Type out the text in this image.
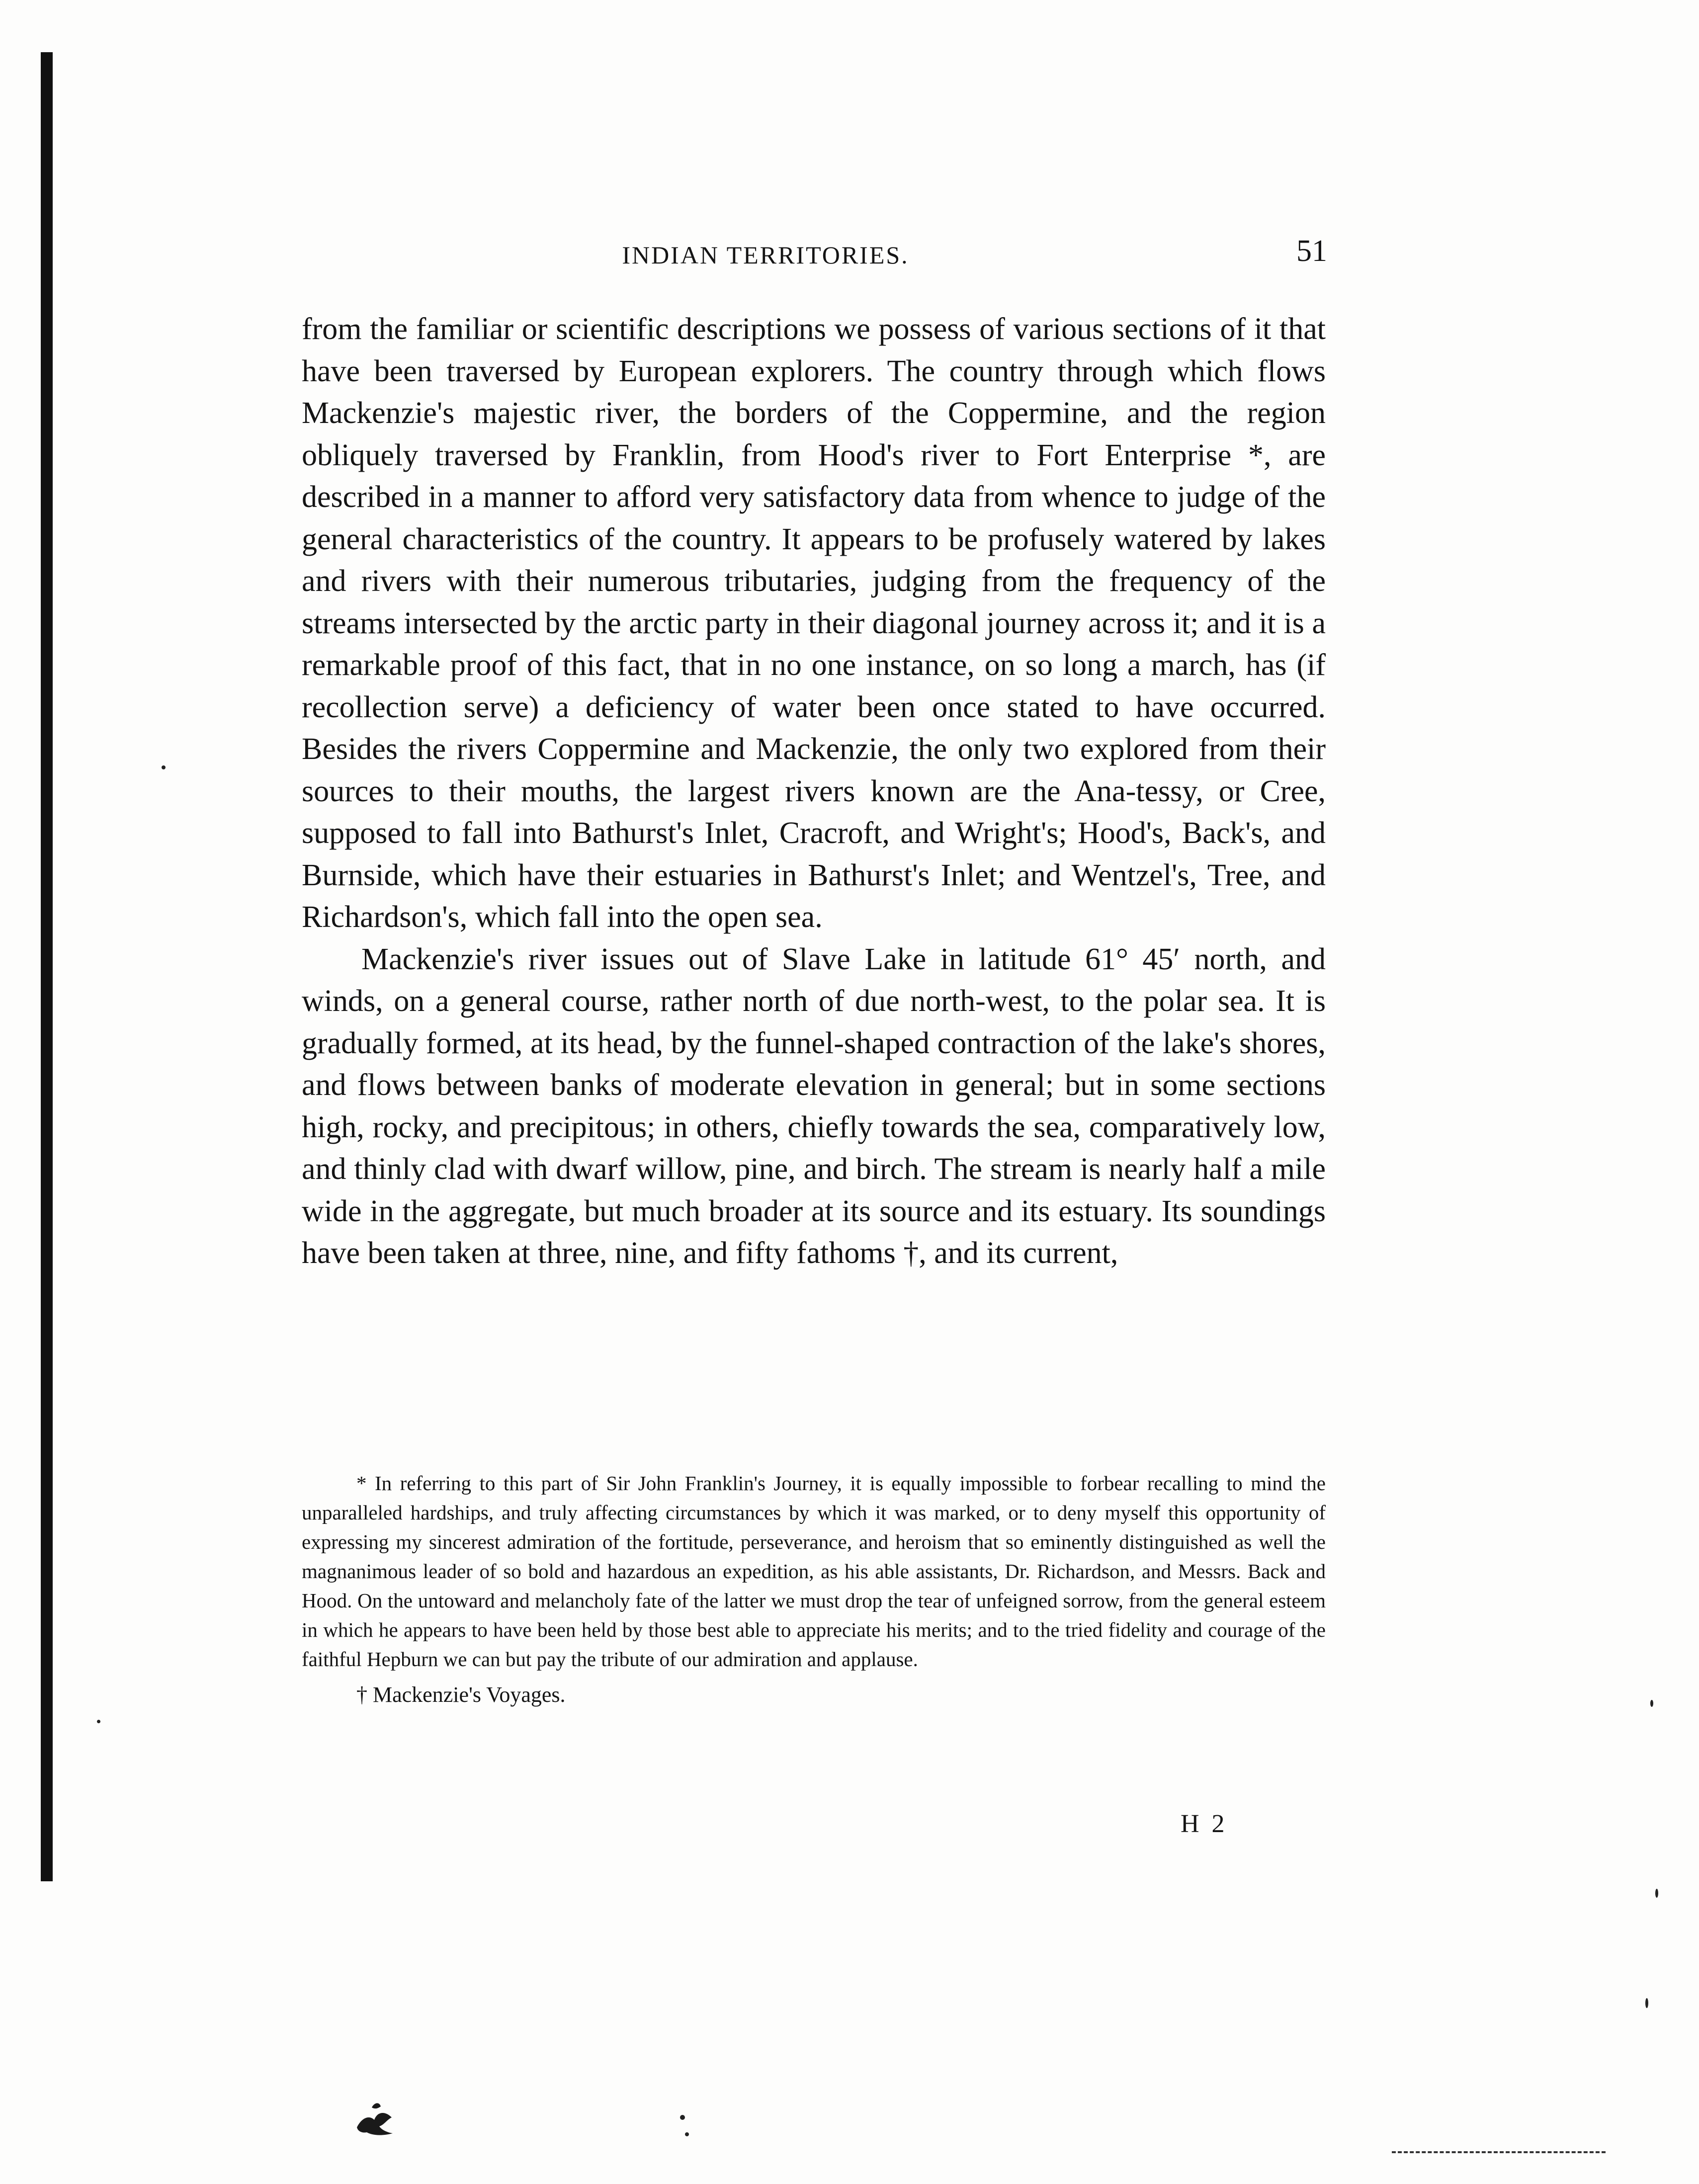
INDIAN TERRITORIES.	51

from the familiar or scientific descriptions we possess of various sections of it that have been traversed by European explorers. The country through which flows Mackenzie's majestic river, the borders of the Coppermine, and the region obliquely traversed by Franklin, from Hood's river to Fort Enterprise *, are described in a manner to afford very satisfactory data from whence to judge of the general characteristics of the country. It appears to be profusely watered by lakes and rivers with their numerous tributaries, judging from the frequency of the streams intersected by the arctic party in their diagonal journey across it; and it is a remarkable proof of this fact, that in no one instance, on so long a march, has (if recollection serve) a deficiency of water been once stated to have occurred. Besides the rivers Coppermine and Mackenzie, the only two explored from their sources to their mouths, the largest rivers known are the Ana-tessy, or Cree, supposed to fall into Bathurst's Inlet, Cracroft, and Wright's; Hood's, Back's, and Burnside, which have their estuaries in Bathurst's Inlet; and Wentzel's, Tree, and Richardson's, which fall into the open sea.

Mackenzie's river issues out of Slave Lake in latitude 61° 45′ north, and winds, on a general course, rather north of due north-west, to the polar sea. It is gradually formed, at its head, by the funnel-shaped contraction of the lake's shores, and flows between banks of moderate elevation in general; but in some sections high, rocky, and precipitous; in others, chiefly towards the sea, comparatively low, and thinly clad with dwarf willow, pine, and birch. The stream is nearly half a mile wide in the aggregate, but much broader at its source and its estuary. Its soundings have been taken at three, nine, and fifty fathoms †, and its current,

* In referring to this part of Sir John Franklin's Journey, it is equally impossible to forbear recalling to mind the unparalleled hardships, and truly affecting circumstances by which it was marked, or to deny myself this opportunity of expressing my sincerest admiration of the fortitude, perseverance, and heroism that so eminently distinguished as well the magnanimous leader of so bold and hazardous an expedition, as his able assistants, Dr. Richardson, and Messrs. Back and Hood. On the untoward and melancholy fate of the latter we must drop the tear of unfeigned sorrow, from the general esteem in which he appears to have been held by those best able to appreciate his merits; and to the tried fidelity and courage of the faithful Hepburn we can but pay the tribute of our admiration and applause.

† Mackenzie's Voyages.

H 2
